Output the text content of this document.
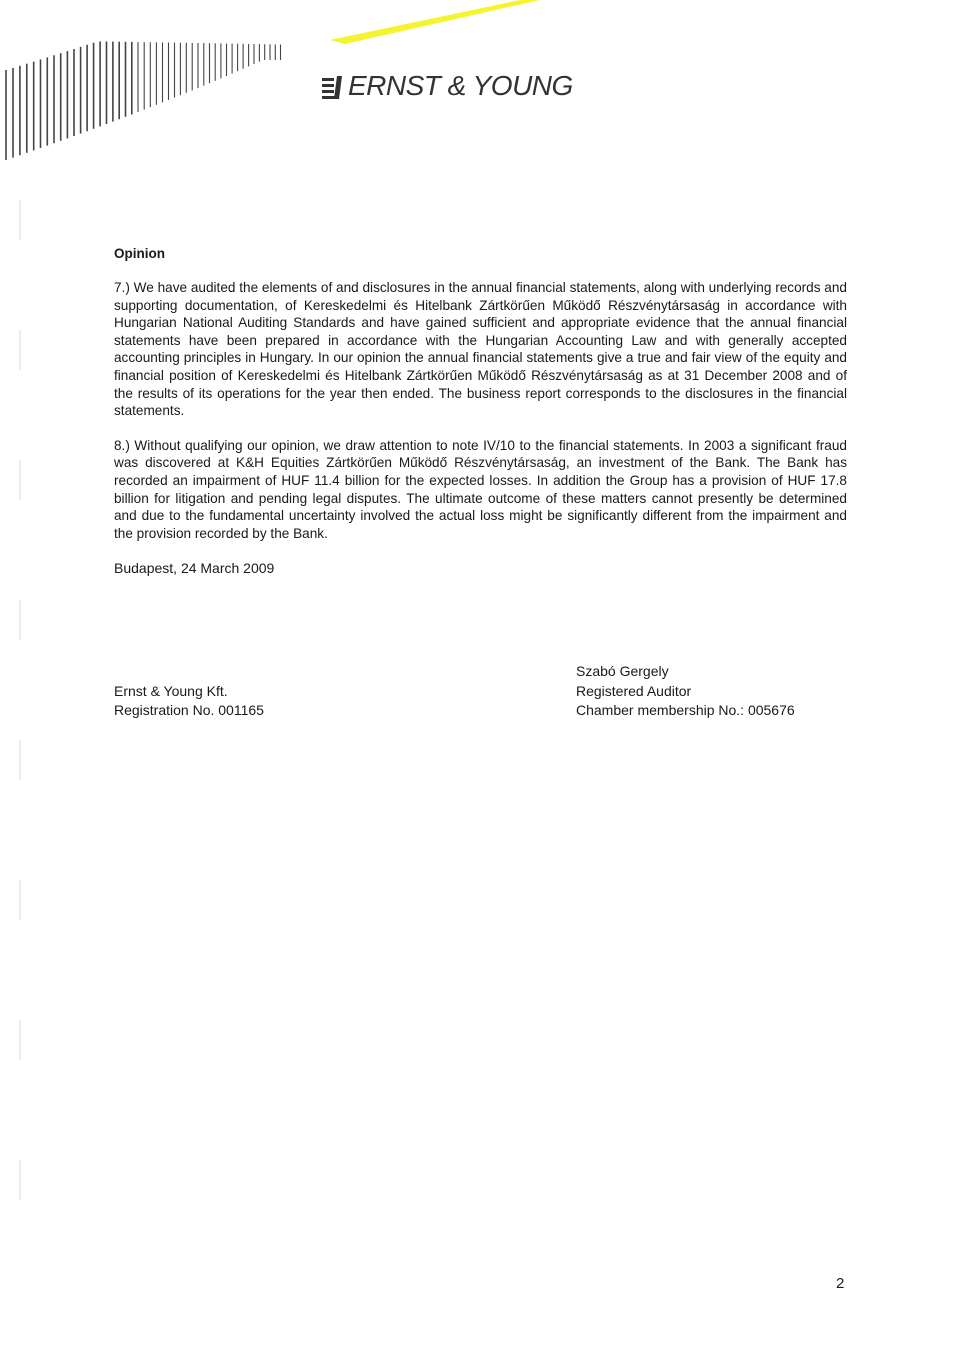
ERNST & YOUNG
Opinion

7.) We have audited the elements of and disclosures in the annual financial statements, along with underlying records and supporting documentation, of Kereskedelmi és Hitelbank Zártkörűen Működő Részvénytársaság in accordance with Hungarian National Auditing Standards and have gained sufficient and appropriate evidence that the annual financial statements have been prepared in accordance with the Hungarian Accounting Law and with generally accepted accounting principles in Hungary. In our opinion the annual financial statements give a true and fair view of the equity and financial position of Kereskedelmi és Hitelbank Zártkörűen Működő Részvénytársaság as at 31 December 2008 and of the results of its operations for the year then ended. The business report corresponds to the disclosures in the financial statements.

8.) Without qualifying our opinion, we draw attention to note IV/10 to the financial statements. In 2003 a significant fraud was discovered at K&H Equities Zártkörűen Működő Részvénytársaság, an investment of the Bank. The Bank has recorded an impairment of HUF 11.4 billion for the expected losses. In addition the Group has a provision of HUF 17.8 billion for litigation and pending legal disputes. The ultimate outcome of these matters cannot presently be determined and due to the fundamental uncertainty involved the actual loss might be significantly different from the impairment and the provision recorded by the Bank.

Budapest, 24 March 2009
Ernst & Young Kft.
Registration No. 001165
Szabó Gergely
Registered Auditor
Chamber membership No.: 005676
2
